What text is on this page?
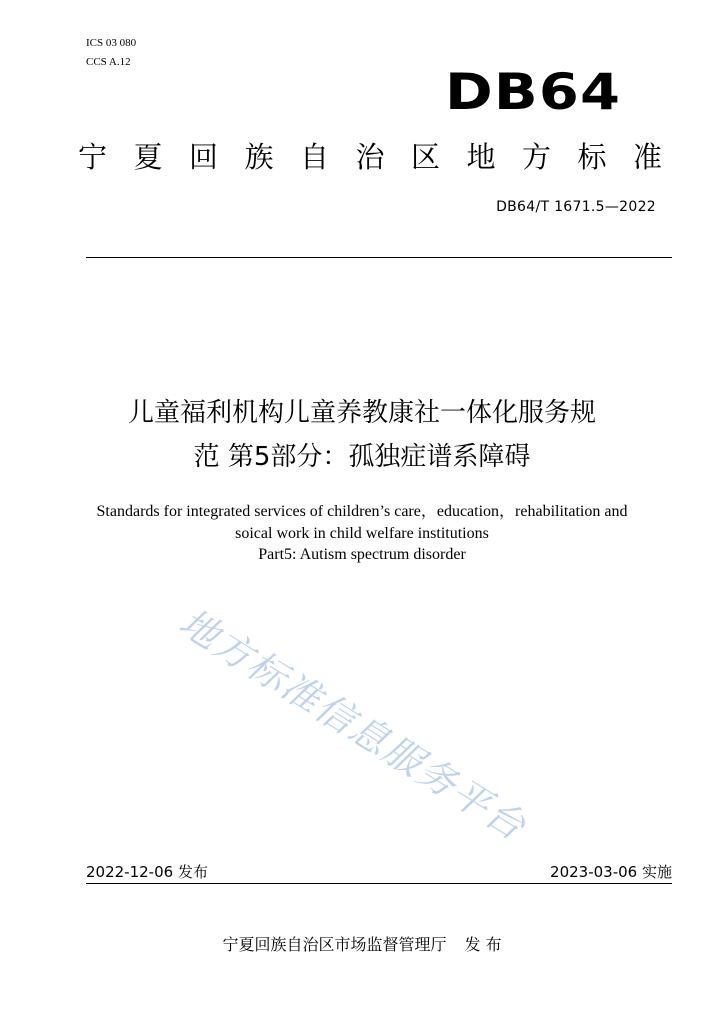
ICS 03 080
CCS A.12
DB64
宁夏回族自治区地方标准
DB64/T 1671.5—2022
儿童福利机构儿童养教康社一体化服务规
范 第5部分：孤独症谱系障碍
Standards for integrated services of children’s care，education，rehabilitation and
soical work in child welfare institutions
Part5: Autism spectrum disorder
地方标准信息服务平台
2022-12-06 发布	2023-03-06 实施
宁夏回族自治区市场监督管理厅 发 布
